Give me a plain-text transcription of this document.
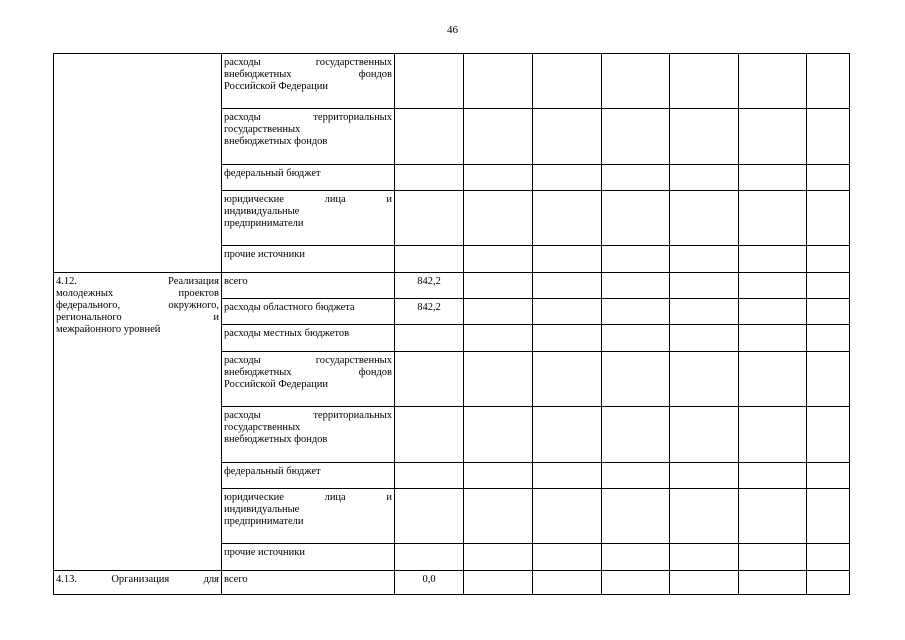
46

	расходы государственных
внебюджетных фондов
Российской Федерации							

	расходы территориальных
государственных
внебюджетных фондов							

	федеральный бюджет							

	юридические лица и
индивидуальные
предприниматели							

	прочие источники							

4.12. Реализация
молодежных проектов
федерального, окружного,
регионального и
межрайонного уровней	всего	842,2						

	расходы областного бюджета	842,2						

	расходы местных бюджетов							

	расходы государственных
внебюджетных фондов
Российской Федерации							

	расходы территориальных
государственных
внебюджетных фондов							

	федеральный бюджет							

	юридические лица и
индивидуальные
предприниматели							

	прочие источники							

4.13. Организация для	всего	0,0						
